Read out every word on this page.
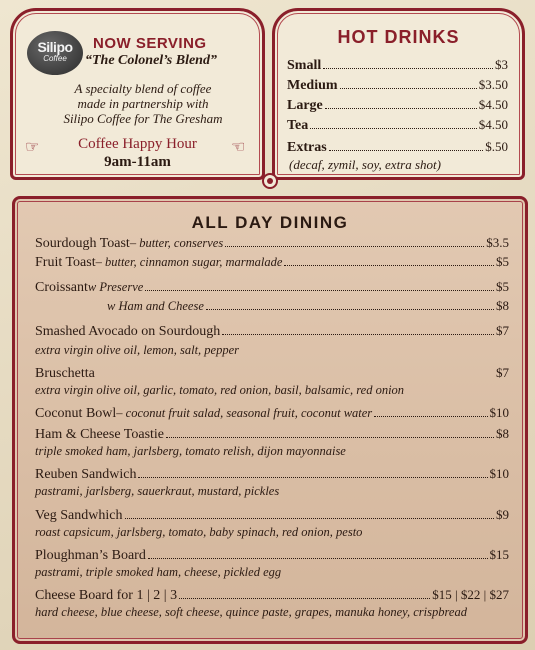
Silipo
Coffee
NOW SERVING
“The Colonel’s Blend”
A specialty blend of coffee
made in partnership with
Silipo Coffee for The Gresham
☞	☜
Coffee Happy Hour
9am-11am
HOT DRINKS
Small	$3
Medium	$3.50
Large	$4.50
Tea	$4.50
Extras	$.50
(decaf, zymil, soy, extra shot)
ALL DAY DINING
Sourdough Toast – butter, conserves	$3.5
Fruit Toast – butter, cinnamon sugar, marmalade	$5
Croissant w Preserve	$5
w Ham and Cheese	$8
Smashed Avocado on Sourdough	$7
extra virgin olive oil, lemon, salt, pepper
Bruschetta	$7
extra virgin olive oil, garlic, tomato, red onion, basil, balsamic, red onion
Coconut Bowl – coconut fruit salad, seasonal fruit, coconut water	$10
Ham & Cheese Toastie	$8
triple smoked ham, jarlsberg, tomato relish, dijon mayonnaise
Reuben Sandwich	$10
pastrami, jarlsberg, sauerkraut, mustard, pickles
Veg Sandwhich	$9
roast capsicum, jarlsberg, tomato, baby spinach, red onion, pesto
Ploughman’s Board	$15
pastrami, triple smoked ham, cheese, pickled egg
Cheese Board for 1 | 2 | 3	$15 | $22 | $27
hard cheese, blue cheese, soft cheese, quince paste, grapes, manuka honey, crispbread
